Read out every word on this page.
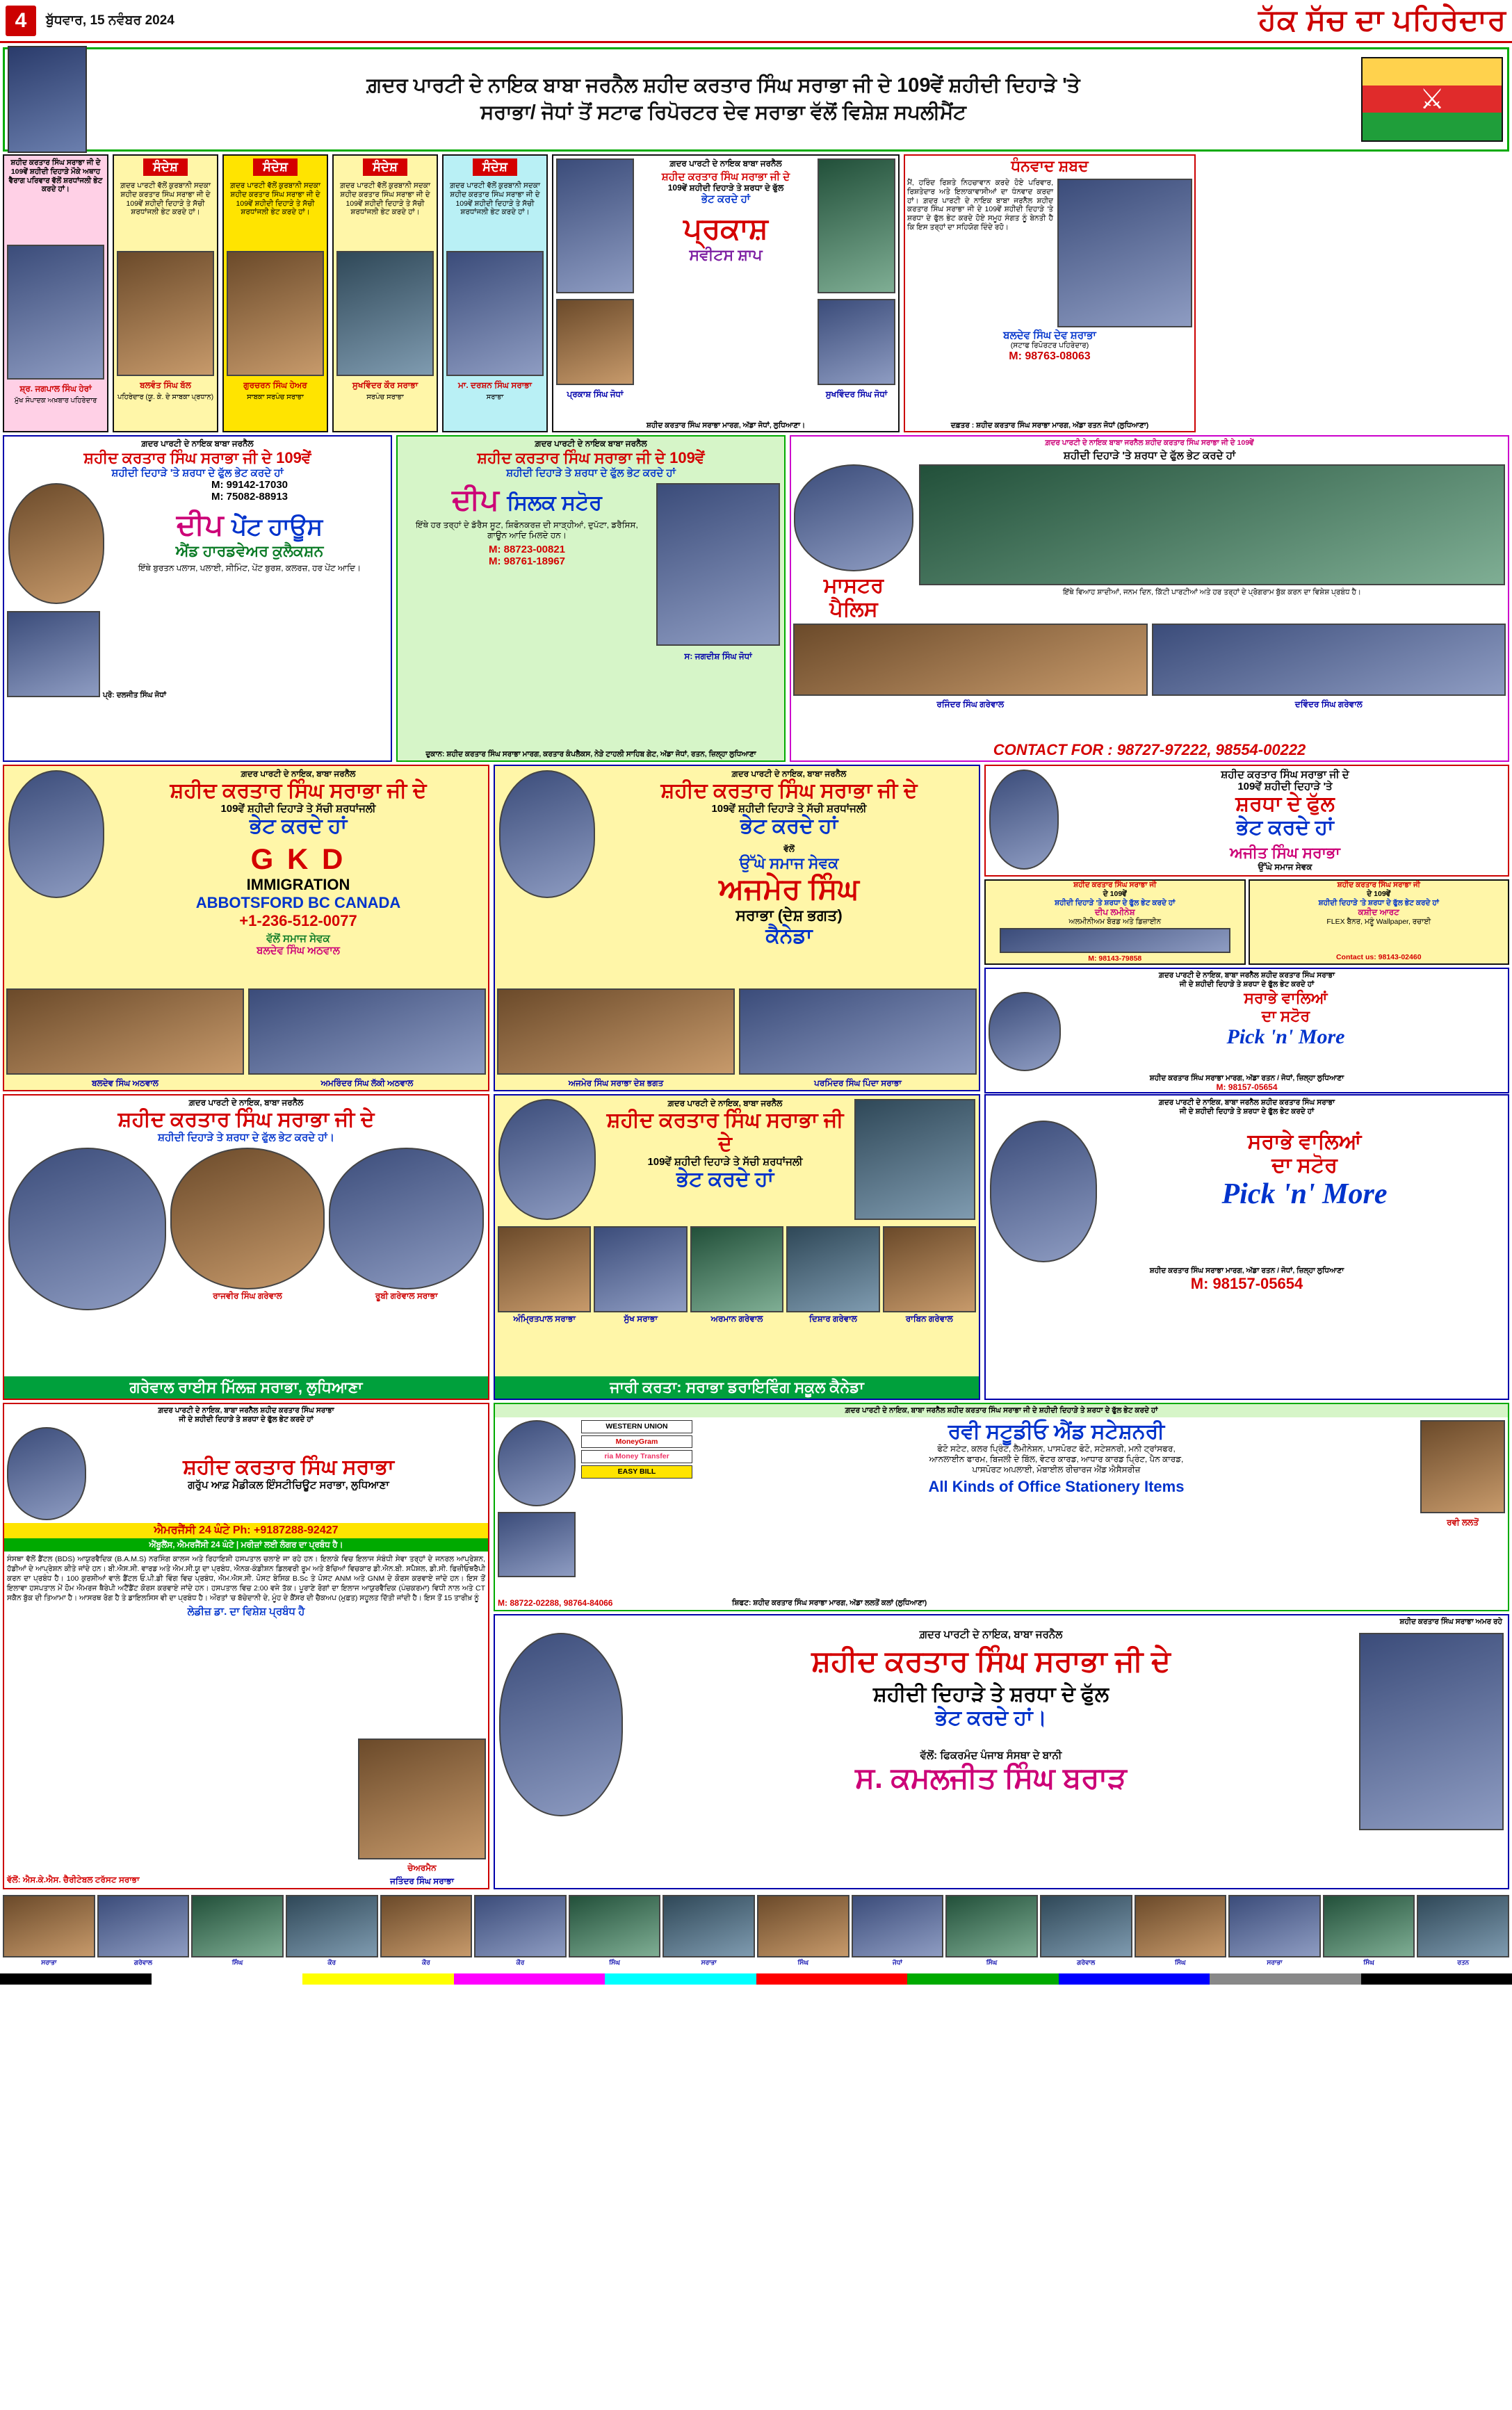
4	ਬੁੱਧਵਾਰ, 15 ਨਵੰਬਰ 2024	ਹੱਕ ਸੱਚ ਦਾ ਪਹਿਰੇਦਾਰ
ਗ਼ਦਰ ਪਾਰਟੀ ਦੇ ਨਾਇਕ ਬਾਬਾ ਜਰਨੈਲ ਸ਼ਹੀਦ ਕਰਤਾਰ ਸਿੰਘ ਸਰਾਭਾ ਜੀ ਦੇ 109ਵੇਂ ਸ਼ਹੀਦੀ ਦਿਹਾੜੇ 'ਤੇ
ਸਰਾਭਾ/ ਜੋਧਾਂ ਤੋਂ ਸਟਾਫ ਰਿਪੋਰਟਰ ਦੇਵ ਸਰਾਭਾ ਵੱਲੋਂ ਵਿਸ਼ੇਸ਼ ਸਪਲੀਮੈਂਟ	⚔
ਸ਼ਹੀਦ ਕਰਤਾਰ ਸਿੰਘ ਸਰਾਭਾ ਜੀ ਦੇ 109ਵੇਂ ਸ਼ਹੀਦੀ ਦਿਹਾੜੇ ਮੌਕੇ ਅਥਾਹ ਵੈਰਾਗ ਪਰਿਵਾਰ ਵੱਲੋਂ ਸ਼ਰਧਾਂਜਲੀ ਭੇਟ ਕਰਦੇ ਹਾਂ।
ਸ਼੍ਰ. ਜਗਪਾਲ ਸਿੰਘ ਹੇਰਾਂ
ਮੁੱਖ ਸੰਪਾਦਕ ਅਖ਼ਬਾਰ ਪਹਿਰੇਦਾਰ
ਸੰਦੇਸ਼
ਗ਼ਦਰ ਪਾਰਟੀ ਵੱਲੋਂ ਕੁਰਬਾਨੀ ਸਦਕਾ ਸ਼ਹੀਦ ਕਰਤਾਰ ਸਿੰਘ ਸਰਾਭਾ ਜੀ ਦੇ 109ਵੇਂ ਸ਼ਹੀਦੀ ਦਿਹਾੜੇ ਤੇ ਸੱਚੀ ਸ਼ਰਧਾਂਜਲੀ ਭੇਟ ਕਰਦੇ ਹਾਂ।
ਬਲਵੰਤ ਸਿੰਘ ਬੱਲ
ਪਹਿਰੇਦਾਰ (ਯੂ. ਕੇ. ਦੇ ਸਾਬਕਾ ਪ੍ਰਧਾਨ)
ਸੰਦੇਸ਼
ਗ਼ਦਰ ਪਾਰਟੀ ਵੱਲੋਂ ਕੁਰਬਾਨੀ ਸਦਕਾ ਸ਼ਹੀਦ ਕਰਤਾਰ ਸਿੰਘ ਸਰਾਭਾ ਜੀ ਦੇ 109ਵੇਂ ਸ਼ਹੀਦੀ ਦਿਹਾੜੇ ਤੇ ਸੱਚੀ ਸ਼ਰਧਾਂਜਲੀ ਭੇਟ ਕਰਦੇ ਹਾਂ।
ਗੁਰਚਰਨ ਸਿੰਘ ਹੇਅਰ
ਸਾਬਕਾ ਸਰਪੰਚ ਸਰਾਭਾ
ਸੰਦੇਸ਼
ਗ਼ਦਰ ਪਾਰਟੀ ਵੱਲੋਂ ਕੁਰਬਾਨੀ ਸਦਕਾ ਸ਼ਹੀਦ ਕਰਤਾਰ ਸਿੰਘ ਸਰਾਭਾ ਜੀ ਦੇ 109ਵੇਂ ਸ਼ਹੀਦੀ ਦਿਹਾੜੇ ਤੇ ਸੱਚੀ ਸ਼ਰਧਾਂਜਲੀ ਭੇਟ ਕਰਦੇ ਹਾਂ।
ਸੁਖਵਿੰਦਰ ਕੌਰ ਸਰਾਭਾ
ਸਰਪੰਚ ਸਰਾਭਾ
ਸੰਦੇਸ਼
ਗ਼ਦਰ ਪਾਰਟੀ ਵੱਲੋਂ ਕੁਰਬਾਨੀ ਸਦਕਾ ਸ਼ਹੀਦ ਕਰਤਾਰ ਸਿੰਘ ਸਰਾਭਾ ਜੀ ਦੇ 109ਵੇਂ ਸ਼ਹੀਦੀ ਦਿਹਾੜੇ ਤੇ ਸੱਚੀ ਸ਼ਰਧਾਂਜਲੀ ਭੇਟ ਕਰਦੇ ਹਾਂ।
ਮਾ. ਦਰਸ਼ਨ ਸਿੰਘ ਸਰਾਭਾ
ਸਰਾਭਾ	ਪ੍ਰਕਾਸ਼ ਸਿੰਘ ਜੋਧਾਂ
ਗ਼ਦਰ ਪਾਰਟੀ ਦੇ ਨਾਇਕ ਬਾਬਾ ਜਰਨੈਲ
ਸ਼ਹੀਦ ਕਰਤਾਰ ਸਿੰਘ ਸਰਾਭਾ ਜੀ ਦੇ
109ਵੇਂ ਸ਼ਹੀਦੀ ਦਿਹਾੜੇ ਤੇ ਸ਼ਰਧਾ ਦੇ ਫੁੱਲ
ਭੇਟ ਕਰਦੇ ਹਾਂ
ਪ੍ਰਕਾਸ਼
ਸਵੀਟਸ ਸ਼ਾਪ
ਸੁਖਵਿੰਦਰ ਸਿੰਘ ਜੋਧਾਂ
ਸ਼ਹੀਦ ਕਰਤਾਰ ਸਿੰਘ ਸਰਾਭਾ ਮਾਰਗ, ਅੱਡਾ ਜੋਧਾਂ, ਲੁਧਿਆਣਾ।
ਧੰਨਵਾਦ ਸ਼ਬਦ
ਮੈਂ, ਹਰਿੰਦ ਰਿਸ਼ਤੇ ਨਿਹਚਾਵਾਨ ਕਰਦੇ ਹੋਏ ਪਰਿਵਾਰ, ਰਿਸ਼ਤੇਦਾਰ ਅਤੇ ਇਲਾਕਾਵਾਸੀਆਂ ਦਾ ਧੰਨਵਾਦ ਕਰਦਾ ਹਾਂ। ਗ਼ਦਰ ਪਾਰਟੀ ਦੇ ਨਾਇਕ ਬਾਬਾ ਜਰਨੈਲ ਸ਼ਹੀਦ ਕਰਤਾਰ ਸਿੰਘ ਸਰਾਭਾ ਜੀ ਦੇ 109ਵੇਂ ਸ਼ਹੀਦੀ ਦਿਹਾੜੇ 'ਤੇ ਸ਼ਰਧਾ ਦੇ ਫੁੱਲ ਭੇਟ ਕਰਦੇ ਹੋਏ ਸਮੂਹ ਸੰਗਤ ਨੂੰ ਬੇਨਤੀ ਹੈ ਕਿ ਇਸ ਤਰ੍ਹਾਂ ਦਾ ਸਹਿਯੋਗ ਦਿੰਦੇ ਰਹੋ।
ਬਲਦੇਵ ਸਿੰਘ ਦੇਵ ਸ਼ਰਾਭਾ
(ਸਟਾਫ ਰਿਪੋਰਟਰ ਪਹਿਰੇਦਾਰ)
M: 98763-08063
ਦਫ਼ਤਰ : ਸ਼ਹੀਦ ਕਰਤਾਰ ਸਿੰਘ ਸਰਾਭਾ ਮਾਰਗ, ਅੱਡਾ ਰਤਨ ਜੋਧਾਂ (ਲੁਧਿਆਣਾ)
ਗ਼ਦਰ ਪਾਰਟੀ ਦੇ ਨਾਇਕ ਬਾਬਾ ਜਰਨੈਲ
ਸ਼ਹੀਦ ਕਰਤਾਰ ਸਿੰਘ ਸਰਾਭਾ ਜੀ ਦੇ 109ਵੇਂ
ਸ਼ਹੀਦੀ ਦਿਹਾੜੇ 'ਤੇ ਸ਼ਰਧਾ ਦੇ ਫੁੱਲ ਭੇਟ ਕਰਦੇ ਹਾਂ
M: 99142-17030
M: 75082-88913
ਦੀਪ ਪੇਂਟ ਹਾਊਸ
ਐਂਡ ਹਾਰਡਵੇਅਰ ਕੁਲੈਕਸ਼ਨ
ਇੱਥੇ ਬੁਰਤਨ ਪਲਾਸ, ਪਲਾਈ, ਸੀਮਿੰਟ, ਪੇਂਟ ਬੁਰਸ਼, ਕਲਰਜ਼, ਹਰ ਪੇਂਟ ਆਦਿ।
ਪ੍ਰੋ: ਦਲਜੀਤ ਸਿੰਘ ਜੋਧਾਂ
ਗ਼ਦਰ ਪਾਰਟੀ ਦੇ ਨਾਇਕ ਬਾਬਾ ਜਰਨੈਲ
ਸ਼ਹੀਦ ਕਰਤਾਰ ਸਿੰਘ ਸਰਾਭਾ ਜੀ ਦੇ 109ਵੇਂ
ਸ਼ਹੀਦੀ ਦਿਹਾੜੇ ਤੇ ਸ਼ਰਧਾ ਦੇ ਫੁੱਲ ਭੇਟ ਕਰਦੇ ਹਾਂ
ਦੀਪ ਸਿਲਕ ਸਟੋਰ
ਇੱਥੇ ਹਰ ਤਰ੍ਹਾਂ ਦੇ ਡੱਰੈਸ ਸੂਟ, ਸ਼ਿਫੋਨਕਰਜ਼ ਦੀ ਸਾੜ੍ਹੀਆਂ, ਦੁਪੱਟਾ, ਡਰੈਸਿਸ, ਗਾਊਨ ਆਦਿ ਮਿਲਦੇ ਹਨ।
M: 88723-00821
M: 98761-18967
ਸ: ਜਗਦੀਸ਼ ਸਿੰਘ ਜੋਧਾਂ
ਦੁਕਾਨ: ਸ਼ਹੀਦ ਕਰਤਾਰ ਸਿੰਘ ਸਰਾਭਾ ਮਾਰਗ, ਕਰਤਾਰ ਕੰਪਲੈਕਸ, ਨੇੜੇ ਟਾਹਲੀ ਸਾਹਿਬ ਗੇਟ, ਅੱਡਾ ਜੋਧਾਂ, ਰਤਨ, ਜ਼ਿਲ੍ਹਾ ਲੁਧਿਆਣਾ
ਗ਼ਦਰ ਪਾਰਟੀ ਦੇ ਨਾਇਕ ਬਾਬਾ ਜਰਨੈਲ ਸ਼ਹੀਦ ਕਰਤਾਰ ਸਿੰਘ ਸਰਾਭਾ ਜੀ ਦੇ 109ਵੇਂ
ਸ਼ਹੀਦੀ ਦਿਹਾੜੇ 'ਤੇ ਸ਼ਰਧਾ ਦੇ ਫੁੱਲ ਭੇਟ ਕਰਦੇ ਹਾਂ
ਮਾਸਟਰ
ਪੈਲਿਸ
ਇੱਥੇ ਵਿਆਹ ਸ਼ਾਦੀਆਂ, ਜਨਮ ਦਿਨ, ਕਿੱਟੀ ਪਾਰਟੀਆਂ ਅਤੇ ਹਰ ਤਰ੍ਹਾਂ ਦੇ ਪ੍ਰੋਗਰਾਮ ਬੁੱਕ ਕਰਨ ਦਾ ਵਿਸ਼ੇਸ਼ ਪ੍ਰਬੰਧ ਹੈ।
ਰਜਿੰਦਰ ਸਿੰਘ ਗਰੇਵਾਲ	ਦਵਿੰਦਰ ਸਿੰਘ ਗਰੇਵਾਲ
CONTACT FOR : 98727-97222, 98554-00222
ਗ਼ਦਰ ਪਾਰਟੀ ਦੇ ਨਾਇਕ, ਬਾਬਾ ਜਰਨੈਲ
ਸ਼ਹੀਦ ਕਰਤਾਰ ਸਿੰਘ ਸਰਾਭਾ ਜੀ ਦੇ
109ਵੇਂ ਸ਼ਹੀਦੀ ਦਿਹਾੜੇ ਤੇ ਸੱਚੀ ਸ਼ਰਧਾਂਜਲੀ
ਭੇਟ ਕਰਦੇ ਹਾਂ
G K D
IMMIGRATION
ABBOTSFORD BC CANADA
+1-236-512-0077
ਵੱਲੋਂ ਸਮਾਜ ਸੇਵਕ
ਬਲਦੇਵ ਸਿੰਘ ਅਠਵਾਲ
ਬਲਦੇਵ ਸਿੰਘ ਅਠਵਾਲ	ਅਮਰਿੰਦਰ ਸਿੰਘ ਲੱਕੀ ਅਠਵਾਲ
ਗ਼ਦਰ ਪਾਰਟੀ ਦੇ ਨਾਇਕ, ਬਾਬਾ ਜਰਨੈਲ
ਸ਼ਹੀਦ ਕਰਤਾਰ ਸਿੰਘ ਸਰਾਭਾ ਜੀ ਦੇ
109ਵੇਂ ਸ਼ਹੀਦੀ ਦਿਹਾੜੇ ਤੇ ਸੱਚੀ ਸ਼ਰਧਾਂਜਲੀ
ਭੇਟ ਕਰਦੇ ਹਾਂ
ਵੱਲੋਂ
ਉੱਘੇ ਸਮਾਜ ਸੇਵਕ
ਅਜਮੇਰ ਸਿੰਘ
ਸਰਾਭਾ (ਦੇਸ਼ ਭਗਤ)
ਕੈਨੇਡਾ
ਅਜਮੇਰ ਸਿੰਘ ਸਰਾਭਾ ਦੇਸ਼ ਭਗਤ	ਪਰਮਿੰਦਰ ਸਿੰਘ ਪਿੰਦਾ ਸਰਾਭਾ
ਸ਼ਹੀਦ ਕਰਤਾਰ ਸਿੰਘ ਸਰਾਭਾ ਜੀ ਦੇ
109ਵੇਂ ਸ਼ਹੀਦੀ ਦਿਹਾੜੇ 'ਤੇ
ਸ਼ਰਧਾ ਦੇ ਫੁੱਲ
ਭੇਟ ਕਰਦੇ ਹਾਂ
ਅਜੀਤ ਸਿੰਘ ਸਰਾਭਾ
ਉੱਘੇ ਸਮਾਜ ਸੇਵਕ
ਸ਼ਹੀਦ ਕਰਤਾਰ ਸਿੰਘ ਸਰਾਭਾ ਜੀ
ਦੇ 109ਵੇਂ
ਸ਼ਹੀਦੀ ਦਿਹਾੜੇ 'ਤੇ ਸ਼ਰਧਾ ਦੇ ਫੁੱਲ ਭੇਟ ਕਰਦੇ ਹਾਂ
ਦੀਪ ਲਮੀਨੇਸ਼
ਅਲਮੀਨੀਅਮ ਬੋਰਡ ਅਤੇ ਡਿਜ਼ਾਈਨ
M: 98143-79858
ਸ਼ਹੀਦ ਕਰਤਾਰ ਸਿੰਘ ਸਰਾਭਾ ਜੀ
ਦੇ 109ਵੇਂ
ਸ਼ਹੀਦੀ ਦਿਹਾੜੇ 'ਤੇ ਸ਼ਰਧਾ ਦੇ ਫੁੱਲ ਭੇਟ ਕਰਦੇ ਹਾਂ
ਕਸ਼ੀਦ ਆਰਟ
FLEX ਬੈਨਰ, ਮਣੂੰ Wallpaper, ਰਚਾਈ
Contact us: 98143-02460
ਗ਼ਦਰ ਪਾਰਟੀ ਦੇ ਨਾਇਕ, ਬਾਬਾ ਜਰਨੈਲ ਸ਼ਹੀਦ ਕਰਤਾਰ ਸਿੰਘ ਸਰਾਭਾ
ਜੀ ਦੇ ਸ਼ਹੀਦੀ ਦਿਹਾੜੇ ਤੇ ਸ਼ਰਧਾ ਦੇ ਫੁੱਲ ਭੇਟ ਕਰਦੇ ਹਾਂ
ਸਰਾਭੇ ਵਾਲਿਆਂ
ਦਾ ਸਟੋਰ
Pick 'n' More
ਸ਼ਹੀਦ ਕਰਤਾਰ ਸਿੰਘ ਸਰਾਭਾ ਮਾਰਗ, ਅੱਡਾ ਰਤਨ / ਜੋਧਾਂ, ਜ਼ਿਲ੍ਹਾ ਲੁਧਿਆਣਾ
M: 98157-05654
ਗ਼ਦਰ ਪਾਰਟੀ ਦੇ ਨਾਇਕ, ਬਾਬਾ ਜਰਨੈਲ
ਸ਼ਹੀਦ ਕਰਤਾਰ ਸਿੰਘ ਸਰਾਭਾ ਜੀ ਦੇ
ਸ਼ਹੀਦੀ ਦਿਹਾੜੇ ਤੇ ਸ਼ਰਧਾ ਦੇ ਫੁੱਲ ਭੇਟ ਕਰਦੇ ਹਾਂ।
ਰਾਜਵੀਰ ਸਿੰਘ ਗਰੇਵਾਲ	ਰੂਬੀ ਗਰੇਵਾਲ ਸਰਾਭਾ
ਗਰੇਵਾਲ ਰਾਈਸ ਮਿੱਲਜ਼ ਸਰਾਭਾ, ਲੁਧਿਆਣਾ
ਗ਼ਦਰ ਪਾਰਟੀ ਦੇ ਨਾਇਕ, ਬਾਬਾ ਜਰਨੈਲ
ਸ਼ਹੀਦ ਕਰਤਾਰ ਸਿੰਘ ਸਰਾਭਾ ਜੀ ਦੇ
109ਵੇਂ ਸ਼ਹੀਦੀ ਦਿਹਾੜੇ ਤੇ ਸੱਚੀ ਸ਼ਰਧਾਂਜਲੀ
ਭੇਟ ਕਰਦੇ ਹਾਂ
ਅੰਮ੍ਰਿਤਪਾਲ ਸਰਾਭਾ	ਸੁੱਖ ਸਰਾਭਾ	ਅਰਮਾਨ ਗਰੇਵਾਲ	ਦਿਸ਼ਾਰ ਗਰੇਵਾਲ	ਰਾਬਿਨ ਗਰੇਵਾਲ
ਜਾਰੀ ਕਰਤਾ: ਸਰਾਭਾ ਡਰਾਇਵਿੰਗ ਸਕੂਲ ਕੈਨੇਡਾ
ਗ਼ਦਰ ਪਾਰਟੀ ਦੇ ਨਾਇਕ, ਬਾਬਾ ਜਰਨੈਲ ਸ਼ਹੀਦ ਕਰਤਾਰ ਸਿੰਘ ਸਰਾਭਾ
ਜੀ ਦੇ ਸ਼ਹੀਦੀ ਦਿਹਾੜੇ ਤੇ ਸ਼ਰਧਾ ਦੇ ਫੁੱਲ ਭੇਟ ਕਰਦੇ ਹਾਂ
ਸਰਾਭੇ ਵਾਲਿਆਂ
ਦਾ ਸਟੋਰ
Pick 'n' More
ਸ਼ਹੀਦ ਕਰਤਾਰ ਸਿੰਘ ਸਰਾਭਾ ਮਾਰਗ, ਅੱਡਾ ਰਤਨ / ਜੋਧਾਂ, ਜ਼ਿਲ੍ਹਾ ਲੁਧਿਆਣਾ
M: 98157-05654
ਗ਼ਦਰ ਪਾਰਟੀ ਦੇ ਨਾਇਕ, ਬਾਬਾ ਜਰਨੈਲ ਸ਼ਹੀਦ ਕਰਤਾਰ ਸਿੰਘ ਸਰਾਭਾ
ਜੀ ਦੇ ਸ਼ਹੀਦੀ ਦਿਹਾੜੇ ਤੇ ਸ਼ਰਧਾ ਦੇ ਫੁੱਲ ਭੇਟ ਕਰਦੇ ਹਾਂ
ਸ਼ਹੀਦ ਕਰਤਾਰ ਸਿੰਘ ਸਰਾਭਾ
ਗਰੁੱਪ ਆਫ਼ ਮੈਡੀਕਲ ਇੰਸਟੀਚਿਊਟ ਸਰਾਭਾ, ਲੁਧਿਆਣਾ
ਐਮਰਜੈਂਸੀ 24 ਘੰਟੇ Ph: +9187288-92427
ਐਂਬੂਲੈਂਸ, ਐਮਰਜੈਂਸੀ 24 ਘੰਟੇ | ਮਰੀਜ਼ਾਂ ਲਈ ਲੰਗਰ ਦਾ ਪ੍ਰਬੰਧ ਹੈ।
ਸੰਸਥਾ ਵੱਲੋਂ ਡੈਂਟਲ (BDS) ਆਯੁਰਵੈਦਿਕ (B.A.M.S) ਨਰਸਿੰਗ ਕਾਲਜ ਅਤੇ ਰਿਹਾਇਸ਼ੀ ਹਸਪਤਾਲ ਚਲਾਏ ਜਾ ਰਹੇ ਹਨ। ਇਲਾਕੇ ਵਿਚ ਇਲਾਜ ਸੰਬੰਧੀ ਸੇਵਾ ਤਰ੍ਹਾਂ ਦੇ ਜਨਰਲ ਆਪ੍ਰੇਸ਼ਨ, ਹੱਡੀਆਂ ਦੇ ਆਪ੍ਰੇਸ਼ਨ ਕੀਤੇ ਜਾਂਦੇ ਹਨ। ਬੀ.ਐਸ.ਸੀ. ਵਾਰਡ ਅਤੇ ਐਮ.ਸੀ.ਯੂ ਦਾ ਪ੍ਰਬੰਧ, ਐਨਕ-ਕੰਡੀਸ਼ਨ ਡਿਲਵਰੀ ਰੂਮ ਅਤੇ ਬੱਚਿਆਂ ਵਿਚਕਾਰ ਡੀ.ਐਨ.ਬੀ. ਸਪੈਸ਼ਲ, ਡੀ.ਸੀ. ਫਿਜ਼ੀਓਥਰੈਪੀ ਕਰਨ ਦਾ ਪ੍ਰਬੰਧ ਹੈ। 100 ਕੁਰਸੀਆਂ ਵਾਲੇ ਡੈਂਟਲ ਓ.ਪੀ.ਡੀ ਵਿੰਗ ਵਿਚ ਪ੍ਰਬੰਧ, ਐਮ.ਐਸ.ਸੀ. ਪੋਸਟ ਬੇਸਿਕ B.Sc ਤੇ ਪੋਸਟ ANM ਅਤੇ GNM ਦੇ ਕੋਰਸ ਕਰਵਾਏ ਜਾਂਦੇ ਹਨ। ਇਸ ਤੋਂ ਇਲਾਵਾ ਹਸਪਤਾਲ ਮੇਂ ਹੋਮ ਐਮਰਜ ਥੈਰੇਪੀ ਅਟੈਂਡੈਂਟ ਕੋਰਸ ਕਰਵਾਏ ਜਾਂਦੇ ਹਨ। ਹਸਪਤਾਲ ਵਿਚ 2:00 ਵਜੇ ਤੱਕ। ਪੂਰਾਣੇ ਰੋਗਾਂ ਦਾ ਇਲਾਜ ਆਯੁਰਵੈਦਿਕ (ਪੰਚਕਰਮਾ) ਵਿਧੀ ਨਾਲ ਅਤੇ CT ਸਕੈਨ ਬੁੱਕ ਦੀ ਤਿਆਮਾ ਹੈ। ਆਸਰਥ ਰੋਗ ਹੈ ਤੇ ਡਾਇਲਸਿਸ ਵੀ ਦਾ ਪ੍ਰਬੰਧ ਹੈ। ਔਰਤਾਂ 'ਚ ਬੱਚੇਦਾਨੀ ਦੇ, ਮੂੰਹ ਦੇ ਕੈਂਸਰ ਦੀ ਚੈਕਅਪ (ਮੁਫ਼ਤ) ਸਹੂਲਤ ਦਿੱਤੀ ਜਾਂਦੀ ਹੈ। ਇਸ ਤੋਂ 15 ਤਾਰੀਖ਼ ਨੂੰ
ਲੇਡੀਜ਼ ਡਾ. ਦਾ ਵਿਸ਼ੇਸ਼ ਪ੍ਰਬੰਧ ਹੈ
ਵੱਲੋਂ: ਐਸ.ਕੇ.ਐਸ. ਚੈਰੀਟੇਬਲ ਟਰੱਸਟ ਸਰਾਭਾ
ਚੇਅਰਮੈਨ
ਜਤਿੰਦਰ ਸਿੰਘ ਸਰਾਭਾ
ਗ਼ਦਰ ਪਾਰਟੀ ਦੇ ਨਾਇਕ, ਬਾਬਾ ਜਰਨੈਲ ਸ਼ਹੀਦ ਕਰਤਾਰ ਸਿੰਘ ਸਰਾਭਾ ਜੀ ਦੇ ਸ਼ਹੀਦੀ ਦਿਹਾੜੇ ਤੇ ਸ਼ਰਧਾ ਦੇ ਫੁੱਲ ਭੇਟ ਕਰਦੇ ਹਾਂ
WESTERN UNION
MoneyGram
ria Money Transfer
EASY BILL
ਰਵੀ ਸਟੂਡੀਓ ਐਂਡ ਸਟੇਸ਼ਨਰੀ
ਫੋਟੋ ਸਟੇਟ, ਕਲਰ ਪ੍ਰਿੰਟ, ਲੈਮੀਨੇਸ਼ਨ, ਪਾਸਪੋਰਟ ਫੋਟੋ, ਸਟੇਸ਼ਨਰੀ, ਮਨੀ ਟ੍ਰਾਂਸਫਰ,
ਆਨਲਾਈਨ ਫਾਰਮ, ਬਿਜਲੀ ਦੇ ਬਿੱਲ, ਵੋਟਰ ਕਾਰਡ, ਆਧਾਰ ਕਾਰਡ ਪ੍ਰਿੰਟ, ਪੈਨ ਕਾਰਡ,
ਪਾਸਪੋਰਟ ਅਪਲਾਈ, ਮੋਬਾਈਲ ਰੀਚਾਰਜ ਐਂਡ ਐਸੈਸਰੀਜ਼
All Kinds of Office Stationery Items
ਰਵੀ ਲਲਤੋਂ
M: 88722-02288, 98764-84066	ਸ਼ਿਫਟ: ਸ਼ਹੀਦ ਕਰਤਾਰ ਸਿੰਘ ਸਰਾਭਾ ਮਾਰਗ, ਅੱਡਾ ਲਲਤੋਂ ਕਲਾਂ (ਲੁਧਿਆਣਾ)
ਸ਼ਹੀਦ ਕਰਤਾਰ ਸਿੰਘ ਸਰਾਭਾ ਅਮਰ ਰਹੇ
ਗ਼ਦਰ ਪਾਰਟੀ ਦੇ ਨਾਇਕ, ਬਾਬਾ ਜਰਨੈਲ
ਸ਼ਹੀਦ ਕਰਤਾਰ ਸਿੰਘ ਸਰਾਭਾ ਜੀ ਦੇ
ਸ਼ਹੀਦੀ ਦਿਹਾੜੇ ਤੇ ਸ਼ਰਧਾ ਦੇ ਫੁੱਲ
ਭੇਟ ਕਰਦੇ ਹਾਂ।
ਵੱਲੋਂ: ਫਿਕਰਮੰਦ ਪੰਜਾਬ ਸੰਸਥਾ ਦੇ ਬਾਨੀ
ਸ. ਕਮਲਜੀਤ ਸਿੰਘ ਬਰਾੜ
ਸਰਾਭਾ	ਗਰੇਵਾਲ	ਸਿੰਘ	ਕੌਰ	ਕੌਰ	ਕੌਰ	ਸਿੰਘ	ਸਰਾਭਾ	ਸਿੰਘ	ਜੋਧਾਂ	ਸਿੰਘ	ਗਰੇਵਾਲ	ਸਿੰਘ	ਸਰਾਭਾ	ਸਿੰਘ	ਰਤਨ
